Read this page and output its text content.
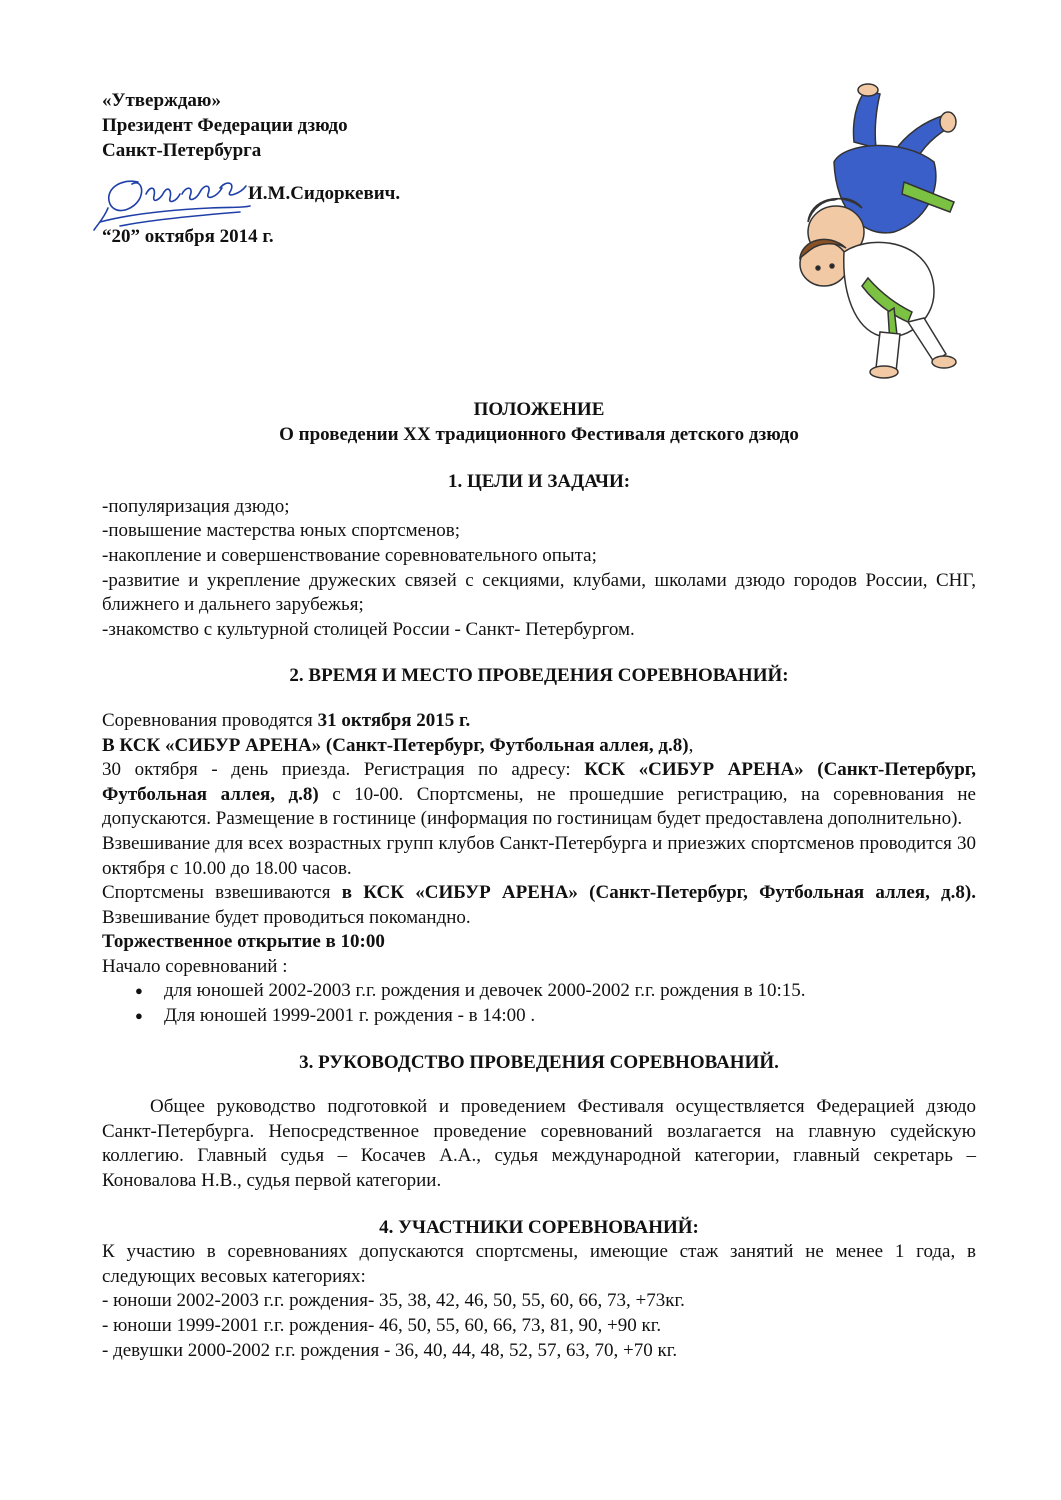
«Утверждаю»
Президент Федерации дзюдо
Санкт-Петербурга
И.М.Сидоркевич.
“20” октября 2014 г.
ПОЛОЖЕНИЕ
О проведении XX традиционного Фестиваля детского дзюдо
1. ЦЕЛИ И ЗАДАЧИ:

-популяризация дзюдо;

-повышение мастерства юных спортсменов;

-накопление и совершенствование соревновательного опыта;

-развитие и укрепление дружеских связей с секциями, клубами, школами дзюдо городов России, СНГ, ближнего и дальнего зарубежья;

-знакомство с культурной столицей России - Санкт- Петербургом.

2. ВРЕМЯ И МЕСТО ПРОВЕДЕНИЯ СОРЕВНОВАНИЙ:

Соревнования проводятся 31 октября 2015 г.

В КСК «СИБУР АРЕНА» (Санкт-Петербург, Футбольная аллея, д.8),

30 октября - день приезда. Регистрация по адресу: КСК «СИБУР АРЕНА» (Санкт-Петербург, Футбольная аллея, д.8) с 10-00. Спортсмены, не прошедшие регистрацию, на соревнования не допускаются. Размещение в гостинице (информация по гостиницам будет предоставлена дополнительно).

Взвешивание для всех возрастных групп клубов Санкт-Петербурга и приезжих спортсменов проводится 30 октября с 10.00 до 18.00 часов.

Спортсмены взвешиваются в КСК «СИБУР АРЕНА» (Санкт-Петербург, Футбольная аллея, д.8). Взвешивание будет проводиться покомандно.

Торжественное открытие в 10:00

Начало соревнований :

● для юношей 2002-2003 г.г. рождения и девочек 2000-2002 г.г. рождения в 10:15.
● Для юношей 1999-2001 г. рождения - в 14:00 .
3. РУКОВОДСТВО ПРОВЕДЕНИЯ СОРЕВНОВАНИЙ.

Общее руководство подготовкой и проведением Фестиваля осуществляется Федерацией дзюдо Санкт-Петербурга. Непосредственное проведение соревнований возлагается на главную судейскую коллегию. Главный судья – Косачев А.А., судья международной категории, главный секретарь – Коновалова Н.В., судья первой категории.

4. УЧАСТНИКИ СОРЕВНОВАНИЙ:

К участию в соревнованиях допускаются спортсмены, имеющие стаж занятий не менее 1 года, в следующих весовых категориях:

- юноши 2002-2003 г.г. рождения- 35, 38, 42, 46, 50, 55, 60, 66, 73, +73кг.

- юноши 1999-2001 г.г. рождения- 46, 50, 55, 60, 66, 73, 81, 90, +90 кг.

- девушки 2000-2002 г.г. рождения - 36, 40, 44, 48, 52, 57, 63, 70, +70 кг.
